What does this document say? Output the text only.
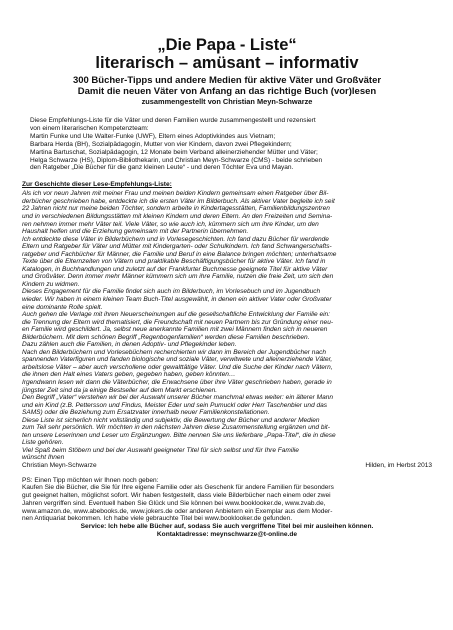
„Die Papa - Liste“
literarisch – amüsant – informativ
300 Bücher-Tipps und andere Medien für aktive Väter und Großväter
Damit die neuen Väter von Anfang an das richtige Buch (vor)lesen
zusammengestellt von Christian Meyn-Schwarze
Diese Empfehlungs-Liste für die Väter und deren Familien wurde zusammengestellt und rezensiert
von einem literarischen Kompetenzteam:
Martin Funke und Ute Walter-Funke (UWF), Eltern eines Adoptivkindes aus Vietnam;
Barbara Herda (BH), Sozialpädagogin, Mutter von vier Kindern, davon zwei Pflegekindern;
Martina Bartuschat, Sozialpädagogin, 12 Monate beim Verband alleinerziehender Mütter und Väter;
Helga Schwarze (HS), Diplom-Bibliothekarin, und Christian Meyn-Schwarze (CMS) - beide schrieben
den Ratgeber „Die Bücher für die ganz kleinen Leute“ - und deren Töchter Eva und Mayan.
Zur Geschichte dieser Lese-Empfehlungs-Liste:
Als ich vor neun Jahren mit meiner Frau und meinen beiden Kindern gemeinsam einen Ratgeber über Bil-
derbücher geschrieben habe, entdeckte ich die ersten Väter im Bilderbuch. Als aktiver Vater begleite ich seit
22 Jahren nicht nur meine beiden Töchter, sondern arbeite in Kindertagesstätten, Familienbildungszentren
und in verschiedenen Bildungsstätten mit kleinen Kindern und deren Eltern. An den Freizeiten und Semina-
ren nehmen immer mehr Väter teil. Viele Väter, so wie auch ich, kümmern sich um ihre Kinder, um den
Haushalt helfen und die Erziehung gemeinsam mit der Partnerin übernehmen.
Ich entdeckte diese Väter in Bilderbüchern und in Vorlesegeschichten. Ich fand dazu Bücher für werdende
Eltern und Ratgeber für Väter und Mütter mit Kindergarten- oder Schulkindern. Ich fand Schwangerschafts-
ratgeber und Fachbücher für Männer, die Familie und Beruf in eine Balance bringen möchten; unterhaltsame
Texte über die Elternzeiten von Vätern und praktikable Beschäftigungsbücher für aktive Väter. Ich fand in
Katalogen, in Buchhandlungen und zuletzt auf der Frankfurter Buchmesse geeignete Titel für aktive Väter
und Großväter. Denn immer mehr Männer kümmern sich um ihre Familie, nutzen die freie Zeit, um sich den
Kindern zu widmen.
Dieses Engagement für die Familie findet sich auch im Bilderbuch, im Vorlesebuch und im Jugendbuch
wieder. Wir haben in einem kleinen Team Buch-Titel ausgewählt, in denen ein aktiver Vater oder Großvater
eine dominante Rolle spielt.
Auch gehen die Verlage mit ihren Neuerscheinungen auf die gesellschaftliche Entwicklung der Familie ein:
die Trennung der Eltern wird thematisiert, die Freundschaft mit neuen Partnern bis zur Gründung einer neu-
en Familie wird geschildert. Ja, selbst neue anerkannte Familien mit zwei Männern finden sich in neueren
Bilderbüchern. Mit dem schönen Begriff „Regenbogenfamilien“ werden diese Familien beschrieben.
Dazu zählen auch die Familien, in denen Adoptiv- und Pflegekinder leben.
Nach den Bilderbüchern und Vorlesebüchern recherchierten wir dann im Bereich der Jugendbücher nach
spannenden Vaterfiguren und fanden biologische und soziale Väter, verwitwete und alleinerziehende Väter,
arbeitslose Väter – aber auch verschollene oder gewalttätige Väter. Und die Suche der Kinder nach Vätern,
die ihnen den Halt eines Vaters geben, gegeben haben, geben könnten…
Irgendwann lesen wir dann die Väterbücher, die Erwachsene über ihre Väter geschrieben haben, gerade in
jüngster Zeit sind da ja einige Bestseller auf dem Markt erschienen.
Den Begriff „Vater“ verstehen wir bei der Auswahl unserer Bücher manchmal etwas weiter: ein älterer Mann
und ein Kind (z.B. Pettersson und Findus, Meister Eder und sein Pumuckl oder Herr Taschenbier und das
SAMS) oder die Beziehung zum Ersatzvater innerhalb neuer Familienkonstellationen.
Diese Liste ist sicherlich nicht vollständig und subjektiv, die Bewertung der Bücher und anderer Medien
zum Teil sehr persönlich. Wir möchten in den nächsten Jahren diese Zusammenstellung ergänzen und bit-
ten unsere Leserinnen und Leser um Ergänzungen. Bitte nennen Sie uns lieferbare „Papa-Titel“, die in diese
Liste gehören.
Viel Spaß beim Stöbern und bei der Auswahl geeigneter Titel für sich selbst und für Ihre Familie
wünscht Ihnen
Christian Meyn-Schwarze	Hilden, im Herbst 2013
PS: Einen Tipp möchten wir Ihnen noch geben:
Kaufen Sie die Bücher, die Sie für Ihre eigene Familie oder als Geschenk für andere Familien für besonders
gut geeignet halten, möglichst sofort. Wir haben festgestellt, dass viele Bilderbücher nach einem oder zwei
Jahren vergriffen sind. Eventuell haben Sie Glück und Sie können bei www.booklooker.de, www.zvab.de,
www.amazon.de, www.abebooks.de, www.jokers.de oder anderen Anbietern ein Exemplar aus dem Moder-
nen Antiquariat bekommen. Ich habe viele gebrauchte Titel bei www.booklooker.de gefunden.
Service: Ich hebe alle Bücher auf, sodass Sie auch vergriffene Titel bei mir ausleihen können.
Kontaktadresse: meynschwarze@t-online.de
